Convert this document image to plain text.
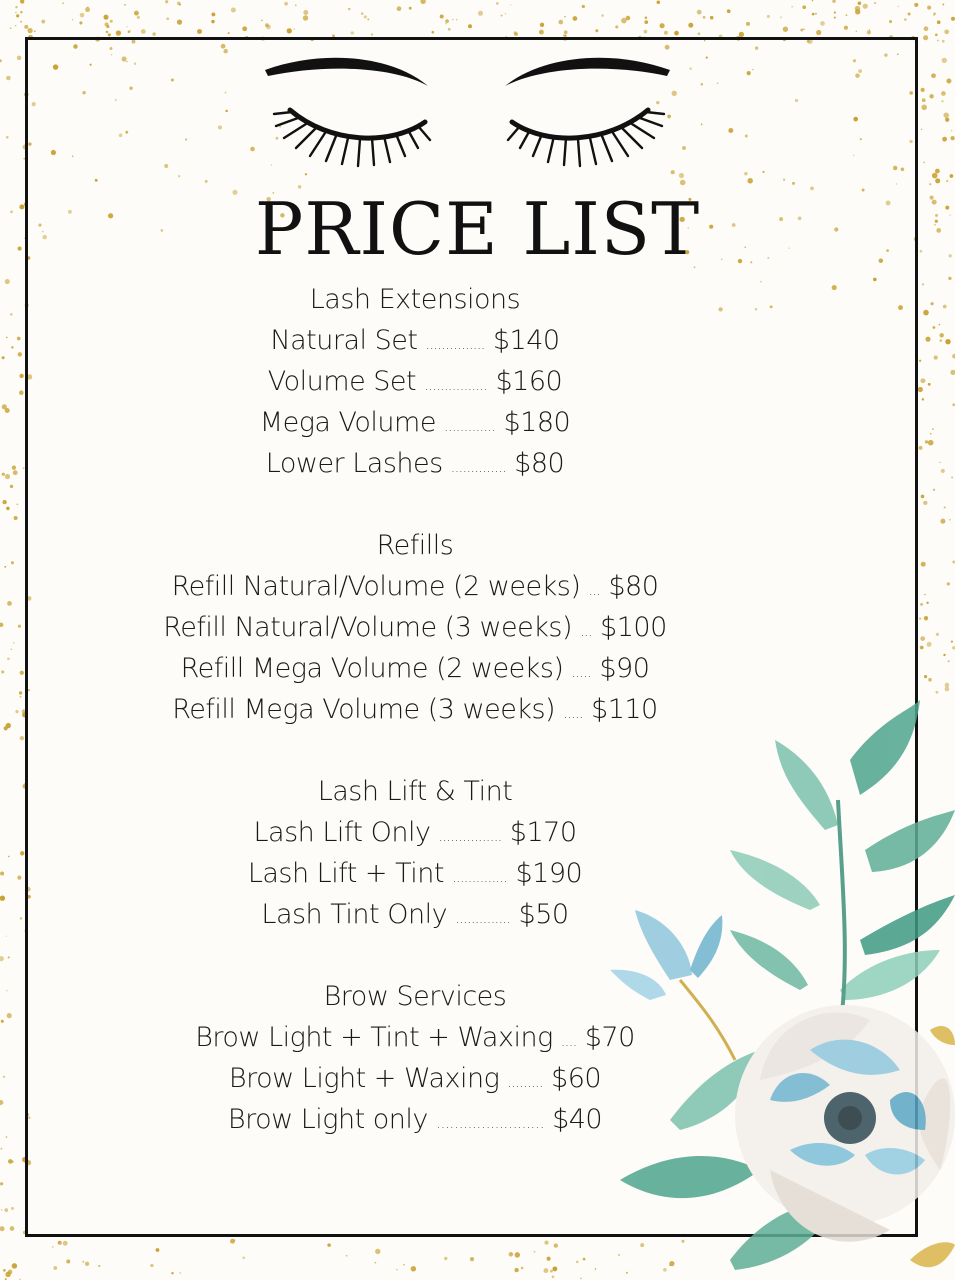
PRICE LIST
Lash Extensions
Natural Set ............... $140
Volume Set ................ $160
Mega Volume ............. $180
Lower Lashes .............. $80
Refills
Refill Natural/Volume (2 weeks) ... $80
Refill Natural/Volume (3 weeks) ... $100
Refill Mega Volume (2 weeks) ..... $90
Refill Mega Volume (3 weeks) ..... $110
Lash Lift & Tint
Lash Lift Only ................ $170
Lash Lift + Tint .............. $190
Lash Tint Only .............. $50
Brow Services
Brow Light + Tint + Waxing .... $70
Brow Light + Waxing ......... $60
Brow Light only …………………… $40
